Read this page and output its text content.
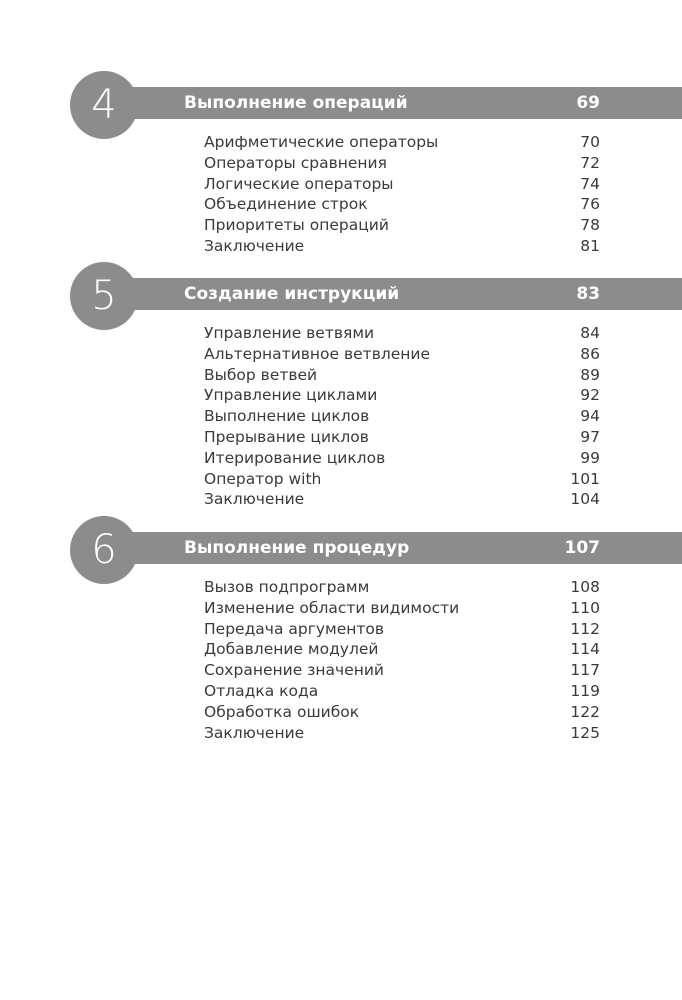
4	Выполнение операций	69
Арифметические операторы	70
Операторы сравнения	72
Логические операторы	74
Объединение строк	76
Приоритеты операций	78
Заключение	81
5	Создание инструкций	83
Управление ветвями	84
Альтернативное ветвление	86
Выбор ветвей	89
Управление циклами	92
Выполнение циклов	94
Прерывание циклов	97
Итерирование циклов	99
Оператор with	101
Заключение	104
6	Выполнение процедур	107
Вызов подпрограмм	108
Изменение области видимости	110
Передача аргументов	112
Добавление модулей	114
Сохранение значений	117
Отладка кода	119
Обработка ошибок	122
Заключение	125
